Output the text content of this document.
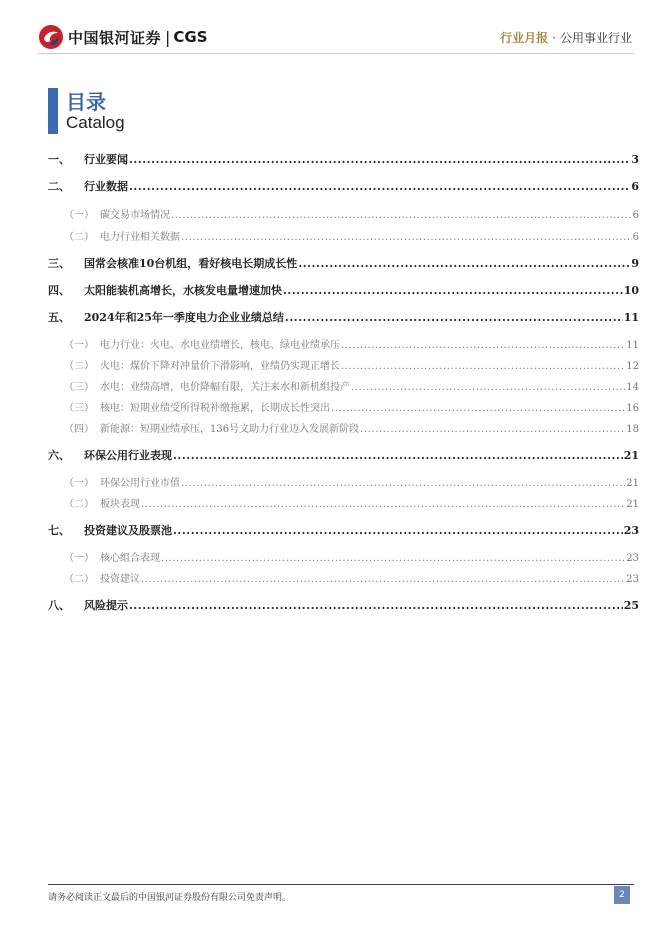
中国银河证券 | CGS	行业月报 · 公用事业行业
目录
Catalog
一、 行业要闻 .....	3
二、 行业数据 .....	6
（一） 碳交易市场情况 .....	6
（二） 电力行业相关数据 .....	6
三、 国常会核准10台机组，看好核电长期成长性 .....	9
四、 太阳能装机高增长，水核发电量增速加快 .....	10
五、 2024年和25年一季度电力企业业绩总结 .....	11
（一） 电力行业：火电、水电业绩增长，核电、绿电业绩承压 .....	11
（二） 火电：煤价下降对冲量价下滑影响，业绩仍实现正增长 .....	12
（三） 水电：业绩高增，电价降幅有限，关注来水和新机组投产 .....	14
（三） 核电：短期业绩受所得税补缴拖累，长期成长性突出 .....	16
（四） 新能源：短期业绩承压，136号文助力行业迈入发展新阶段 .....	18
六、 环保公用行业表现 .....	21
（一） 环保公用行业市值 .....	21
（二） 板块表现 .....	21
七、 投资建议及股票池 .....	23
（一） 核心组合表现 .....	23
（二） 投资建议 .....	23
八、 风险提示 .....	25
请务必阅读正文最后的中国银河证券股份有限公司免责声明。	2
